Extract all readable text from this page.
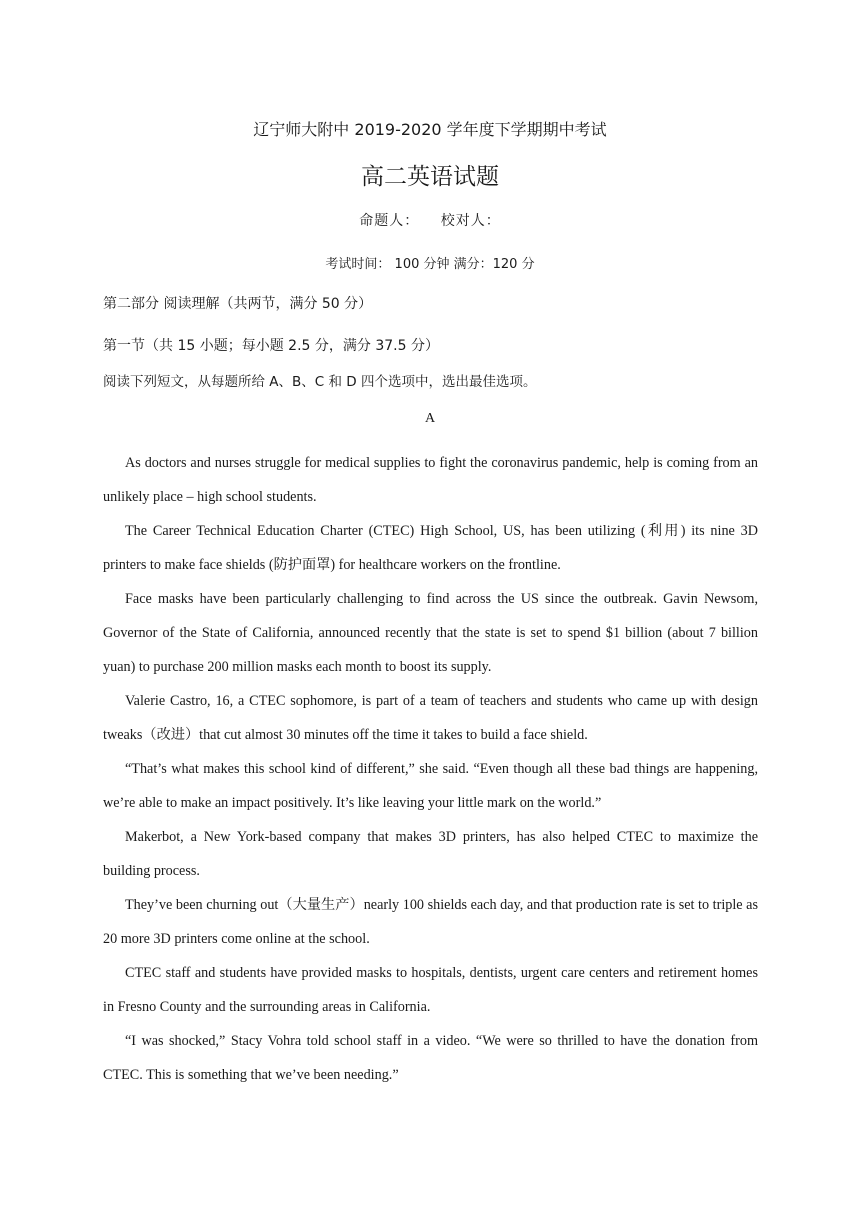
辽宁师大附中 2019-2020 学年度下学期期中考试
高二英语试题
命题人： 校对人：
考试时间： 100 分钟 满分：120 分
第二部分 阅读理解（共两节，满分 50 分）
第一节（共 15 小题；每小题 2.5 分，满分 37.5 分）
阅读下列短文，从每题所给 A、B、C 和 D 四个选项中，选出最佳选项。
A

As doctors and nurses struggle for medical supplies to fight the coronavirus pandemic, help is coming from an unlikely place – high school students.

The Career Technical Education Charter (CTEC) High School, US, has been utilizing (利用) its nine 3D printers to make face shields (防护面罩) for healthcare workers on the frontline.

Face masks have been particularly challenging to find across the US since the outbreak. Gavin Newsom, Governor of the State of California, announced recently that the state is set to spend $1 billion (about 7 billion yuan) to purchase 200 million masks each month to boost its supply.

Valerie Castro, 16, a CTEC sophomore, is part of a team of teachers and students who came up with design tweaks（改进）that cut almost 30 minutes off the time it takes to build a face shield.

“That’s what makes this school kind of different,” she said. “Even though all these bad things are happening, we’re able to make an impact positively. It’s like leaving your little mark on the world.”

Makerbot, a New York-based company that makes 3D printers, has also helped CTEC to maximize the building process.

They’ve been churning out（大量生产）nearly 100 shields each day, and that production rate is set to triple as 20 more 3D printers come online at the school.

CTEC staff and students have provided masks to hospitals, dentists, urgent care centers and retirement homes in Fresno County and the surrounding areas in California.

“I was shocked,” Stacy Vohra told school staff in a video. “We were so thrilled to have the donation from CTEC. This is something that we’ve been needing.”
